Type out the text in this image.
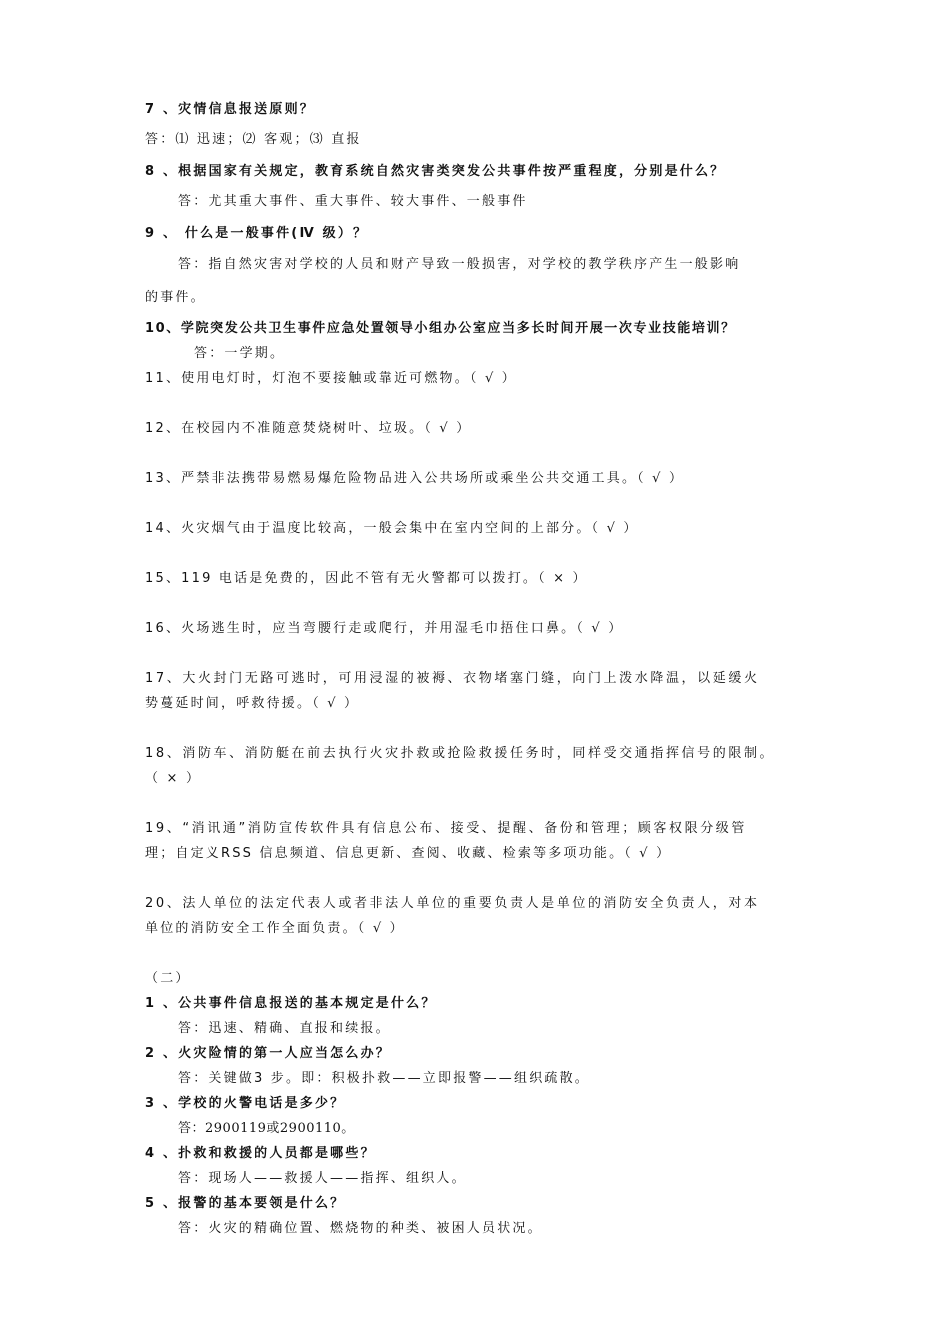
7 、灾情信息报送原则？
答：⑴ 迅速；⑵ 客观；⑶ 直报
8 、根据国家有关规定，教育系统自然灾害类突发公共事件按严重程度，分别是什么？
答：尤其重大事件、重大事件、较大事件、一般事件
9 、 什么是一般事件(Ⅳ 级）？
答：指自然灾害对学校的人员和财产导致一般损害，对学校的教学秩序产生一般影响
的事件。
10、学院突发公共卫生事件应急处置领导小组办公室应当多长时间开展一次专业技能培训？
答：一学期。
11、使用电灯时，灯泡不要接触或靠近可燃物。（ √ ）
12、在校园内不准随意焚烧树叶、垃圾。（ √ ）
13、严禁非法携带易燃易爆危险物品进入公共场所或乘坐公共交通工具。（ √ ）
14、火灾烟气由于温度比较高，一般会集中在室内空间的上部分。（ √ ）
15、119 电话是免费的，因此不管有无火警都可以拨打。（ × ）
16、火场逃生时，应当弯腰行走或爬行，并用湿毛巾捂住口鼻。（ √ ）
17、大火封门无路可逃时，可用浸湿的被褥、衣物堵塞门缝，向门上泼水降温，以延缓火
势蔓延时间，呼救待援。（ √ ）
18、消防车、消防艇在前去执行火灾扑救或抢险救援任务时，同样受交通指挥信号的限制。
（ × ）
19、“消讯通”消防宣传软件具有信息公布、接受、提醒、备份和管理；顾客权限分级管
理；自定义RSS 信息频道、信息更新、查阅、收藏、检索等多项功能。（ √ ）
20、法人单位的法定代表人或者非法人单位的重要负责人是单位的消防安全负责人，对本
单位的消防安全工作全面负责。（ √ ）
（二）
1 、公共事件信息报送的基本规定是什么？
答：迅速、精确、直报和续报。
2 、火灾险情的第一人应当怎么办？
答：关键做3 步。即：积极扑救——立即报警——组织疏散。
3 、学校的火警电话是多少？
答：2900119或2900110。
4 、扑救和救援的人员都是哪些？
答：现场人——救援人——指挥、组织人。
5 、报警的基本要领是什么？
答：火灾的精确位置、燃烧物的种类、被困人员状况。
